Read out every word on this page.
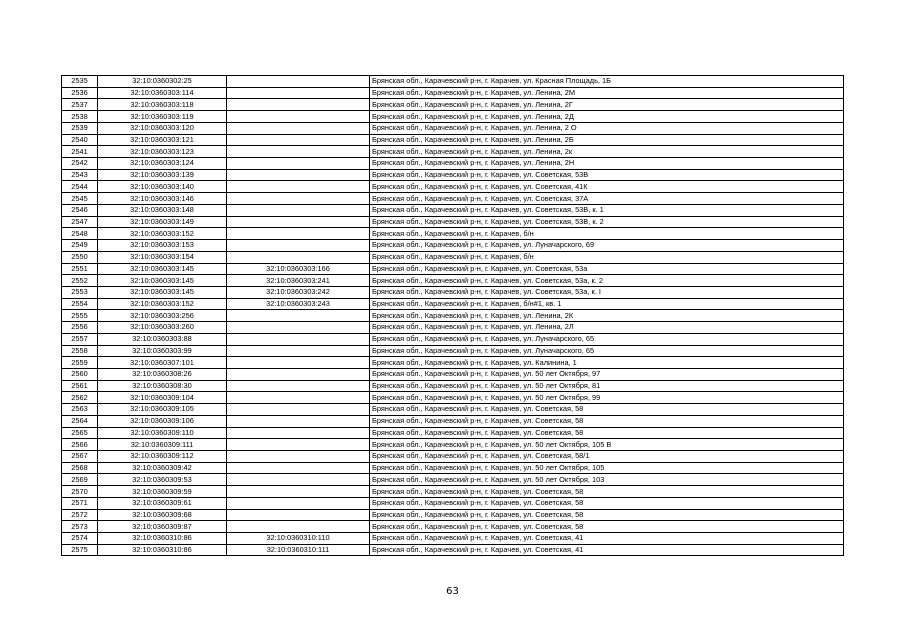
2535	32:10:0360302:25		Брянская обл., Карачевский р-н, г. Карачев, ул. Красная Площадь, 1Б
2536	32:10:0360303:114		Брянская обл., Карачевский р-н, г. Карачев, ул. Ленина, 2М
2537	32:10:0360303:118		Брянская обл., Карачевский р-н, г. Карачев, ул. Ленина, 2Г
2538	32:10:0360303:119		Брянская обл., Карачевский р-н, г. Карачев, ул. Ленина, 2Д
2539	32:10:0360303:120		Брянская обл., Карачевский р-н, г. Карачев, ул. Ленина, 2 О
2540	32:10:0360303:121		Брянская обл., Карачевский р-н, г. Карачев, ул. Ленина, 2Б
2541	32:10:0360303:123		Брянская обл., Карачевский р-н, г. Карачев, ул. Ленина, 2к
2542	32:10:0360303:124		Брянская обл., Карачевский р-н, г. Карачев, ул. Ленина, 2Н
2543	32:10:0360303:139		Брянская обл., Карачевский р-н, г. Карачев, ул. Советская, 53В
2544	32:10:0360303:140		Брянская обл., Карачевский р-н, г. Карачев, ул. Советская, 41К
2545	32:10:0360303:146		Брянская обл., Карачевский р-н, г. Карачев, ул. Советская, 37А
2546	32:10:0360303:148		Брянская обл., Карачевский р-н, г. Карачев, ул. Советская, 53В, к. 1
2547	32:10:0360303:149		Брянская обл., Карачевский р-н, г. Карачев, ул. Советская, 53В, к. 2
2548	32:10:0360303:152		Брянская обл., Карачевский р-н, г. Карачев, б/н
2549	32:10:0360303:153		Брянская обл., Карачевский р-н, г. Карачев, ул. Луначарского, 69
2550	32:10:0360303:154		Брянская обл., Карачевский р-н, г. Карачев, б/н
2551	32:10:0360303:145	32:10:0360303:166	Брянская обл., Карачевский р-н, г. Карачев, ул. Советская, 53а
2552	32:10:0360303:145	32:10:0360303:241	Брянская обл., Карачевский р-н, г. Карачев, ул. Советская, 53а, к. 2
2553	32:10:0360303:145	32:10:0360303:242	Брянская обл., Карачевский р-н, г. Карачев, ул. Советская, 53а, к. І
2554	32:10:0360303:152	32:10:0360303:243	Брянская обл., Карачевский р-н, г. Карачев, б/н#1, кв. 1
2555	32:10:0360303:256		Брянская обл., Карачевский р-н, г. Карачев, ул. Ленина, 2К
2556	32:10:0360303:260		Брянская обл., Карачевский р-н, г. Карачев, ул. Ленина, 2Л
2557	32:10:0360303:88		Брянская обл., Карачевский р-н, г. Карачев, ул. Луначарского, 65
2558	32:10:0360303:99		Брянская обл., Карачевский р-н, г. Карачев, ул. Луначарского, 65
2559	32:10:0360307:101		Брянская обл., Карачевский р-н, г. Карачев, ул. Калинина, 1
2560	32:10:0360308:26		Брянская обл., Карачевский р-н, г. Карачев, ул. 50 лет Октября, 97
2561	32:10:0360308:30		Брянская обл., Карачевский р-н, г. Карачев, ул. 50 лет Октября, 81
2562	32:10:0360309:104		Брянская обл., Карачевский р-н, г. Карачев, ул. 50 лет Октября, 99
2563	32:10:0360309:105		Брянская обл., Карачевский р-н, г. Карачев, ул. Советская, 58
2564	32:10:0360309:106		Брянская обл., Карачевский р-н, г. Карачев, ул. Советская, 58
2565	32:10:0360309:110		Брянская обл., Карачевский р-н, г. Карачев, ул. Советская, 58
2566	32:10:0360309:111		Брянская обл., Карачевский р-н, г. Карачев, ул. 50 лет Октября, 105 В
2567	32:10:0360309:112		Брянская обл., Карачевский р-н, г. Карачев, ул. Советская, 58/1
2568	32:10:0360309:42		Брянская обл., Карачевский р-н, г. Карачев, ул. 50 лет Октября, 105
2569	32:10:0360309:53		Брянская обл., Карачевский р-н, г. Карачев, ул. 50 лет Октября, 103
2570	32:10:0360309:59		Брянская обл., Карачевский р-н, г. Карачев, ул. Советская, 58
2571	32:10:0360309:61		Брянская обл., Карачевский р-н, г. Карачев, ул. Советская, 58
2572	32:10:0360309:68		Брянская обл., Карачевский р-н, г. Карачев, ул. Советская, 58
2573	32:10:0360309:87		Брянская обл., Карачевский р-н, г. Карачев, ул. Советская, 58
2574	32:10:0360310:86	32:10:0360310:110	Брянская обл., Карачевский р-н, г. Карачев, ул. Советская, 41
2575	32:10:0360310:86	32:10:0360310:111	Брянская обл., Карачевский р-н, г. Карачев, ул. Советская, 41
63
